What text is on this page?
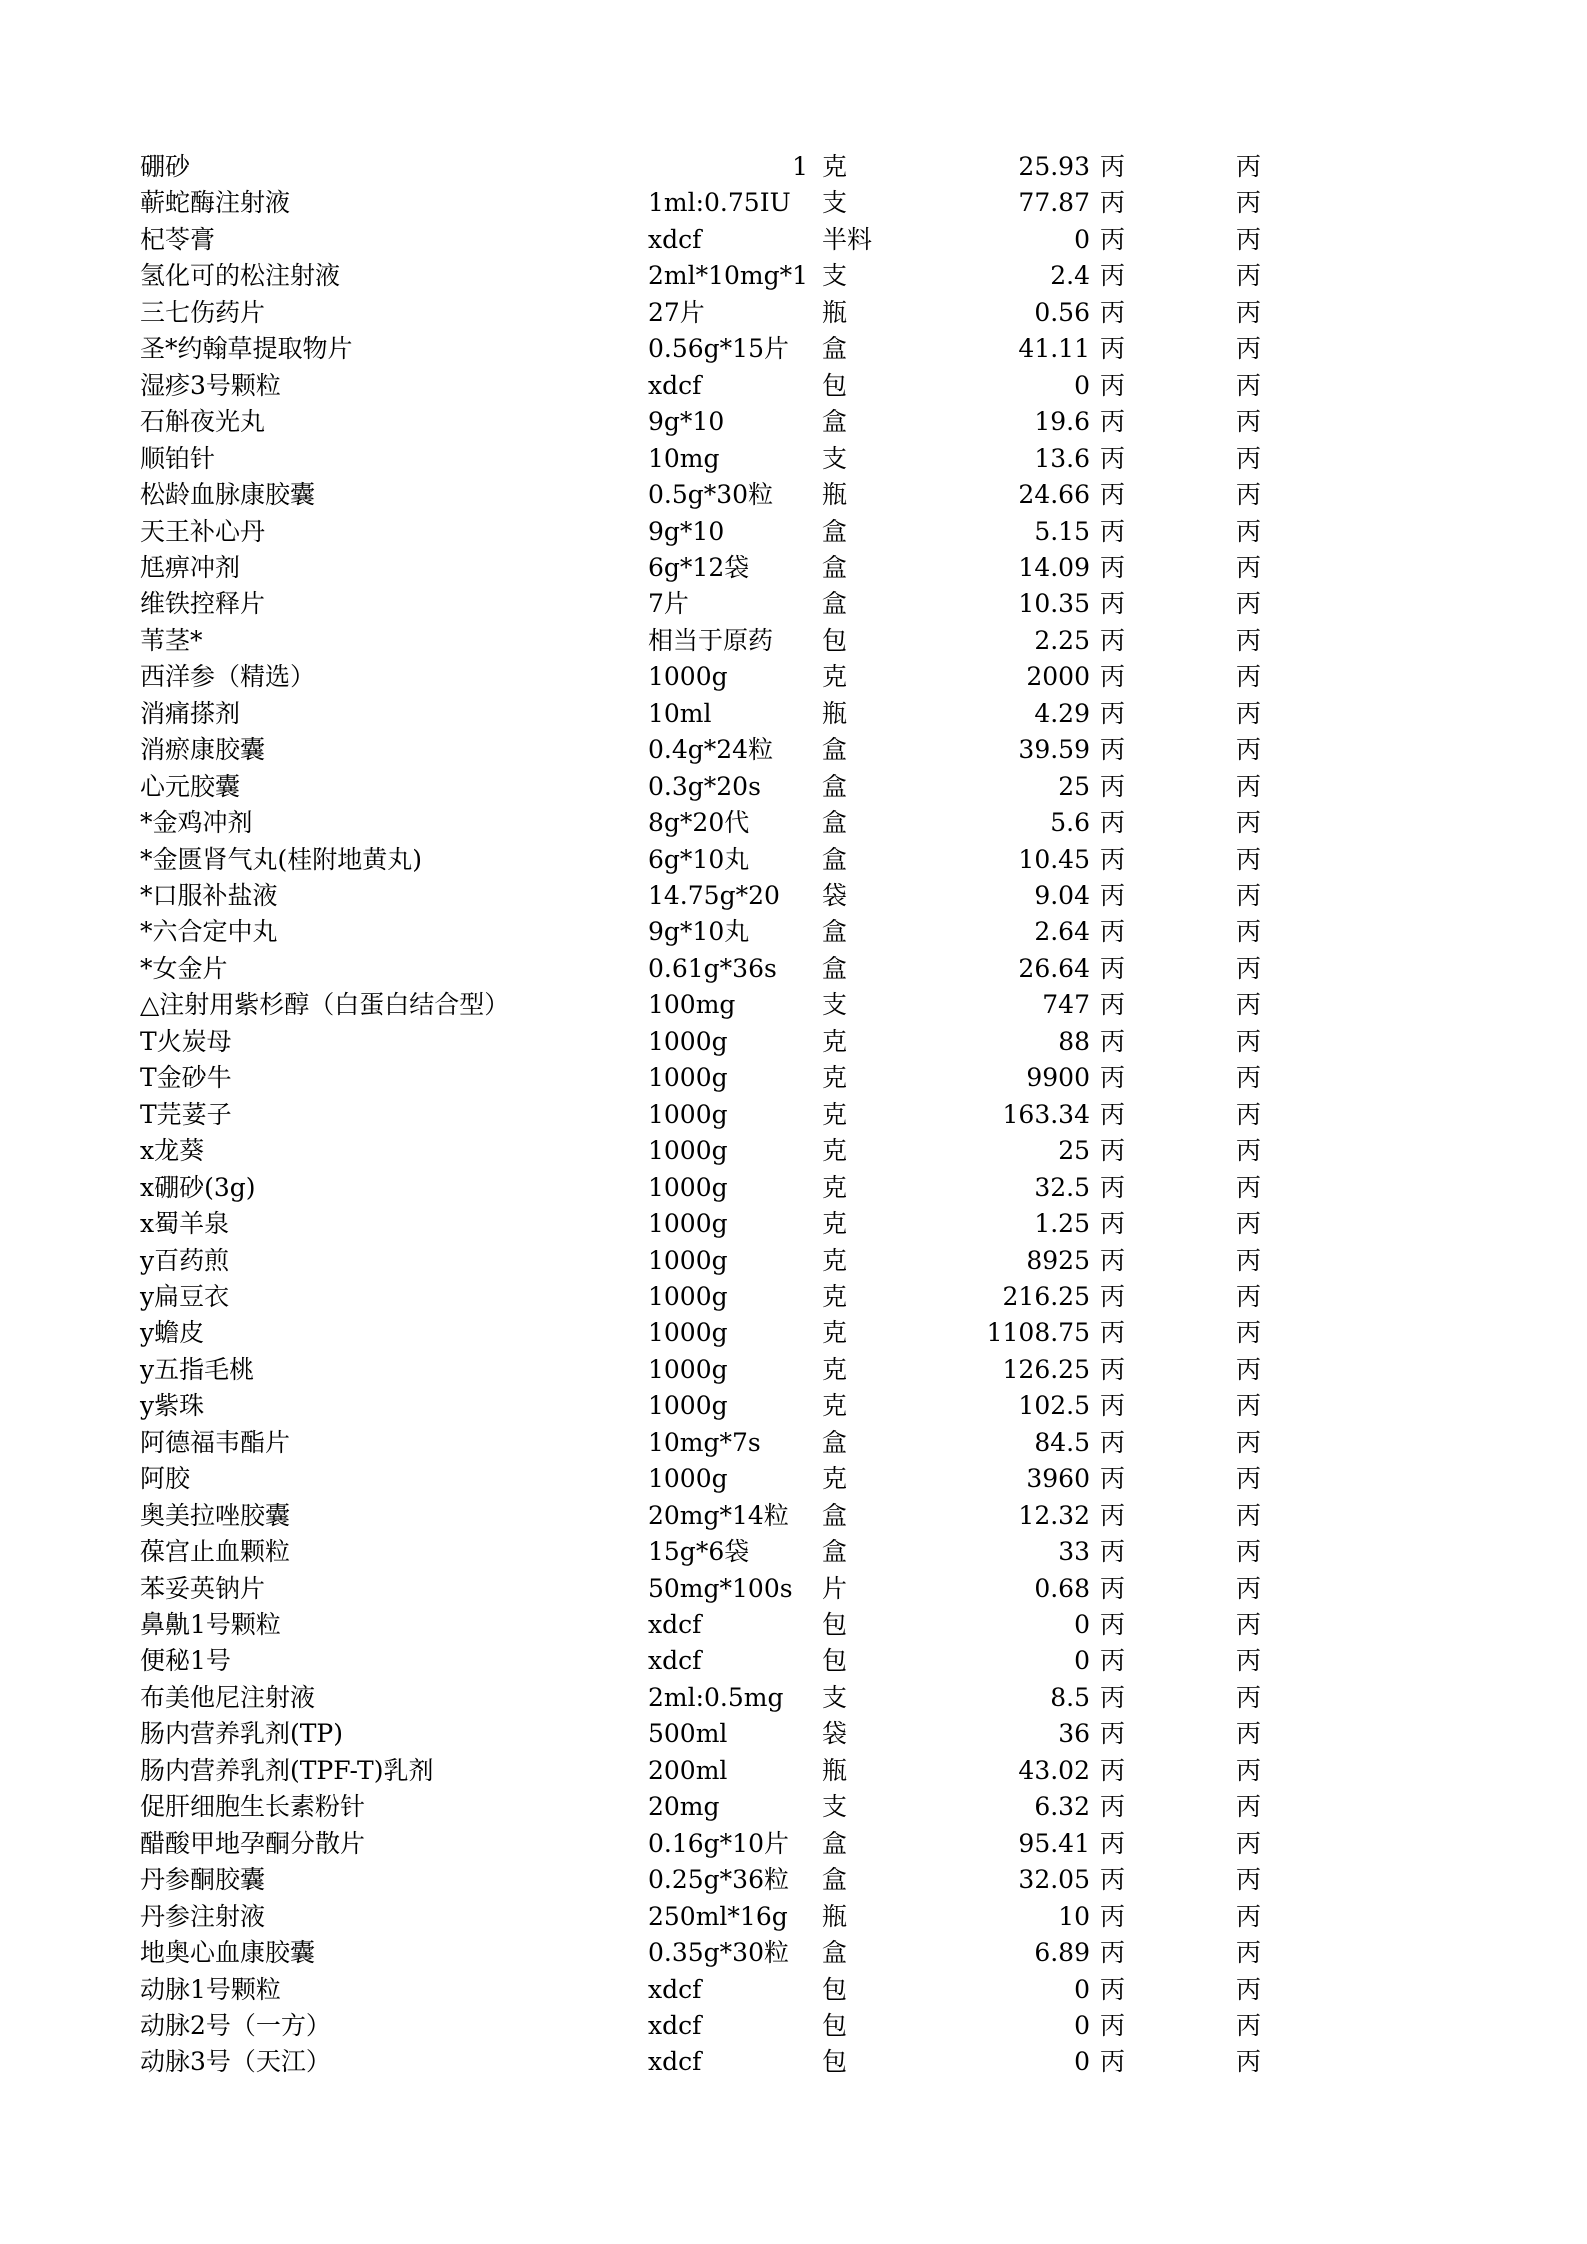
硼砂	1 克	25.93 丙	丙
蕲蛇酶注射液	1ml:0.75IU 支	77.87 丙	丙
杞苓膏	xdcf	半料	0 丙	丙
氢化可的松注射液	2ml*10mg*1 支	2.4 丙	丙
三七伤药片	27片	瓶	0.56 丙	丙
圣*约翰草提取物片	0.56g*15片 盒	41.11 丙	丙
湿疹3号颗粒	xdcf	包	0 丙	丙
石斛夜光丸	9g*10	盒	19.6 丙	丙
顺铂针	10mg	支	13.6 丙	丙
松龄血脉康胶囊	0.5g*30粒 瓶	24.66 丙	丙
天王补心丹	9g*10	盒	5.15 丙	丙
尪痹冲剂	6g*12袋	盒	14.09 丙	丙
维铁控释片	7片	盒	10.35 丙	丙
苇茎*	相当于原药 包	2.25 丙	丙
西洋参（精选）	1000g	克	2000 丙	丙
消痛搽剂	10ml	瓶	4.29 丙	丙
消瘀康胶囊	0.4g*24粒 盒	39.59 丙	丙
心元胶囊	0.3g*20s 盒	25 丙	丙
*金鸡冲剂	8g*20代	盒	5.6 丙	丙
*金匮肾气丸(桂附地黄丸)	6g*10丸	盒	10.45 丙	丙
*口服补盐液	14.75g*20 袋	9.04 丙	丙
*六合定中丸	9g*10丸	盒	2.64 丙	丙
*女金片	0.61g*36s 盒	26.64 丙	丙
△注射用紫杉醇（白蛋白结合型）	100mg	支	747 丙	丙
T火炭母	1000g	克	88 丙	丙
T金砂牛	1000g	克	9900 丙	丙
T芫荽子	1000g	克	163.34 丙	丙
x龙葵	1000g	克	25 丙	丙
x硼砂(3g)	1000g	克	32.5 丙	丙
x蜀羊泉	1000g	克	1.25 丙	丙
y百药煎	1000g	克	8925 丙	丙
y扁豆衣	1000g	克	216.25 丙	丙
y蟾皮	1000g	克	1108.75 丙	丙
y五指毛桃	1000g	克	126.25 丙	丙
y紫珠	1000g	克	102.5 丙	丙
阿德福韦酯片	10mg*7s 盒	84.5 丙	丙
阿胶	1000g	克	3960 丙	丙
奥美拉唑胶囊	20mg*14粒 盒	12.32 丙	丙
葆宫止血颗粒	15g*6袋	盒	33 丙	丙
苯妥英钠片	50mg*100s 片	0.68 丙	丙
鼻鼽1号颗粒	xdcf	包	0 丙	丙
便秘1号	xdcf	包	0 丙	丙
布美他尼注射液	2ml:0.5mg 支	8.5 丙	丙
肠内营养乳剂(TP)	500ml	袋	36 丙	丙
肠内营养乳剂(TPF-T)乳剂	200ml	瓶	43.02 丙	丙
促肝细胞生长素粉针	20mg	支	6.32 丙	丙
醋酸甲地孕酮分散片	0.16g*10片 盒	95.41 丙	丙
丹参酮胶囊	0.25g*36粒 盒	32.05 丙	丙
丹参注射液	250ml*16g 瓶	10 丙	丙
地奥心血康胶囊	0.35g*30粒 盒	6.89 丙	丙
动脉1号颗粒	xdcf	包	0 丙	丙
动脉2号（一方）	xdcf	包	0 丙	丙
动脉3号（天江）	xdcf	包	0 丙	丙
